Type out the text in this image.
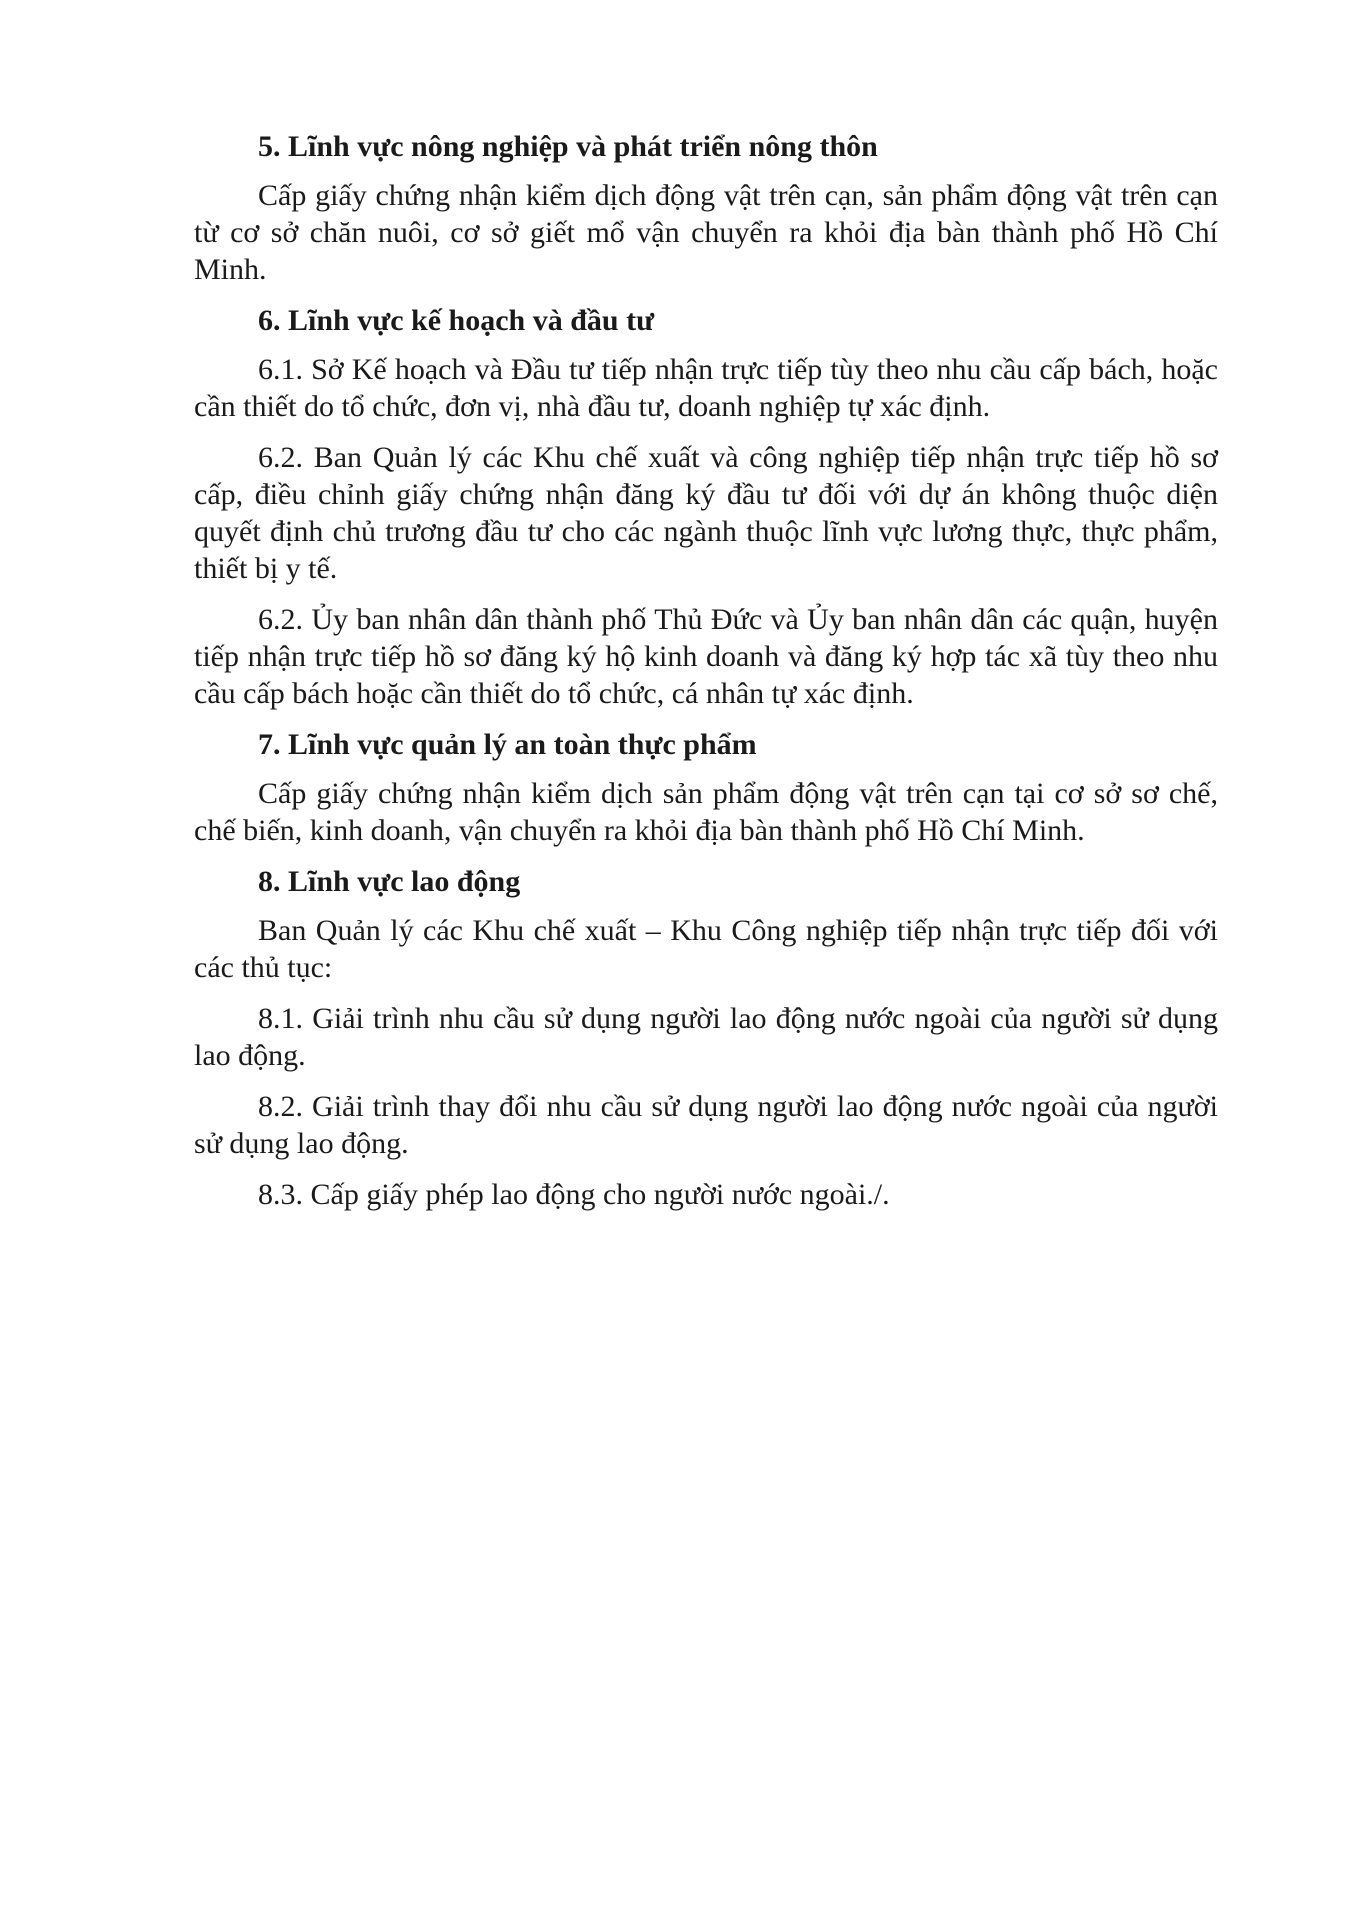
5. Lĩnh vực nông nghiệp và phát triển nông thôn

Cấp giấy chứng nhận kiểm dịch động vật trên cạn, sản phẩm động vật trên cạn từ cơ sở chăn nuôi, cơ sở giết mổ vận chuyển ra khỏi địa bàn thành phố Hồ Chí Minh.

6. Lĩnh vực kế hoạch và đầu tư

6.1. Sở Kế hoạch và Đầu tư tiếp nhận trực tiếp tùy theo nhu cầu cấp bách, hoặc cần thiết do tổ chức, đơn vị, nhà đầu tư, doanh nghiệp tự xác định.

6.2. Ban Quản lý các Khu chế xuất và công nghiệp tiếp nhận trực tiếp hồ sơ cấp, điều chỉnh giấy chứng nhận đăng ký đầu tư đối với dự án không thuộc diện quyết định chủ trương đầu tư cho các ngành thuộc lĩnh vực lương thực, thực phẩm, thiết bị y tế.

6.2. Ủy ban nhân dân thành phố Thủ Đức và Ủy ban nhân dân các quận, huyện tiếp nhận trực tiếp hồ sơ đăng ký hộ kinh doanh và đăng ký hợp tác xã tùy theo nhu cầu cấp bách hoặc cần thiết do tổ chức, cá nhân tự xác định.

7. Lĩnh vực quản lý an toàn thực phẩm

Cấp giấy chứng nhận kiểm dịch sản phẩm động vật trên cạn tại cơ sở sơ chế, chế biến, kinh doanh, vận chuyển ra khỏi địa bàn thành phố Hồ Chí Minh.

8. Lĩnh vực lao động

Ban Quản lý các Khu chế xuất – Khu Công nghiệp tiếp nhận trực tiếp đối với các thủ tục:

8.1. Giải trình nhu cầu sử dụng người lao động nước ngoài của người sử dụng lao động.

8.2. Giải trình thay đổi nhu cầu sử dụng người lao động nước ngoài của người sử dụng lao động.

8.3. Cấp giấy phép lao động cho người nước ngoài./.
